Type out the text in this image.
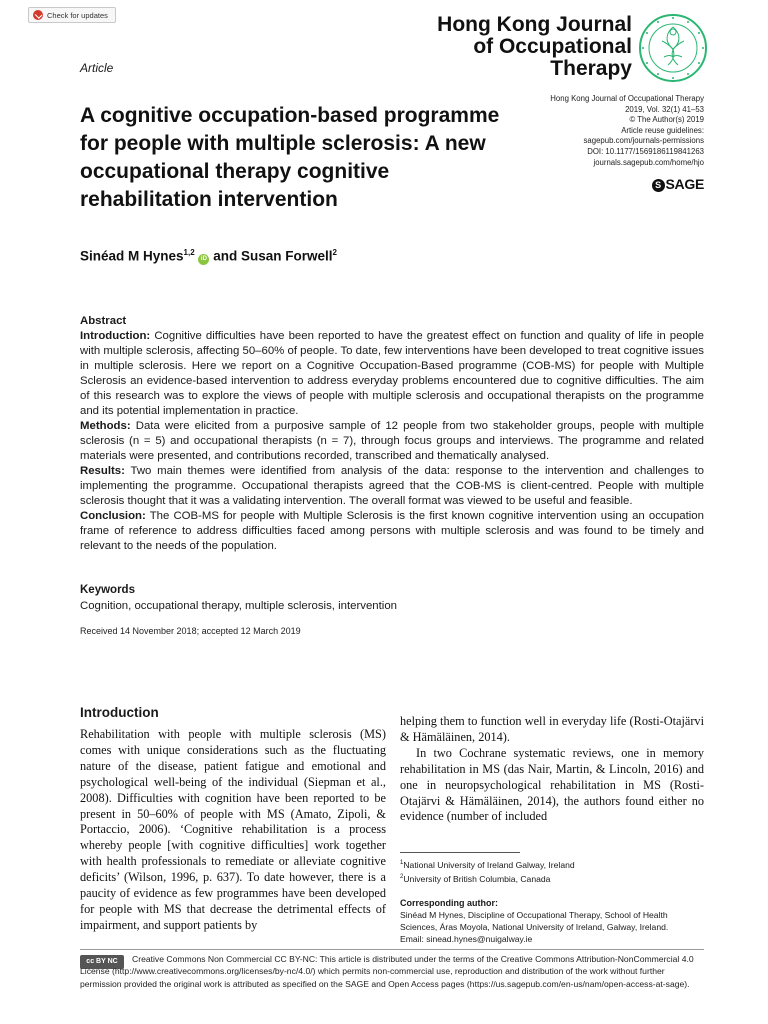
Check for updates
Article
Hong Kong Journal
of Occupational
Therapy
Hong Kong Journal of Occupational Therapy
2019, Vol. 32(1) 41–53
© The Author(s) 2019
Article reuse guidelines:
sagepub.com/journals-permissions
DOI: 10.1177/1569186119841263
journals.sagepub.com/home/hjo
S SAGE
A cognitive occupation-based programme for people with multiple sclerosis: A new occupational therapy cognitive rehabilitation intervention
Sinéad M Hynes$^{1,2}$ iD and Susan Forwell$^2$

Abstract

Introduction: Cognitive difficulties have been reported to have the greatest effect on function and quality of life in people with multiple sclerosis, affecting 50–60% of people. To date, few interventions have been developed to treat cognitive issues in multiple sclerosis. Here we report on a Cognitive Occupation-Based programme (COB-MS) for people with Multiple Sclerosis an evidence-based intervention to address everyday problems encountered due to cognitive difficulties. The aim of this research was to explore the views of people with multiple sclerosis and occupational therapists on the programme and its potential implementation in practice.

Methods: Data were elicited from a purposive sample of 12 people from two stakeholder groups, people with multiple sclerosis (n = 5) and occupational therapists (n = 7), through focus groups and interviews. The programme and related materials were presented, and contributions recorded, transcribed and thematically analysed.

Results: Two main themes were identified from analysis of the data: response to the intervention and challenges to implementing the programme. Occupational therapists agreed that the COB-MS is client-centred. People with multiple sclerosis thought that it was a validating intervention. The overall format was viewed to be useful and feasible.

Conclusion: The COB-MS for people with Multiple Sclerosis is the first known cognitive intervention using an occupation frame of reference to address difficulties faced among persons with multiple sclerosis and was found to be timely and relevant to the needs of the population.

Keywords
Cognition, occupational therapy, multiple sclerosis, intervention
Received 14 November 2018; accepted 12 March 2019
Introduction

Rehabilitation with people with multiple sclerosis (MS) comes with unique considerations such as the fluctuating nature of the disease, patient fatigue and emotional and psychological well-being of the individual (Siepman et al., 2008). Difficulties with cognition have been reported to be present in 50–60% of people with MS (Amato, Zipoli, & Portaccio, 2006). ‘Cognitive rehabilitation is a process whereby people [with cognitive difficulties] work together with health professionals to remediate or alleviate cognitive deficits’ (Wilson, 1996, p. 637). To date however, there is a paucity of evidence as few programmes have been developed for people with MS that decrease the detrimental effects of impairment, and support patients by

helping them to function well in everyday life (Rosti-Otajärvi & Hämäläinen, 2014).

In two Cochrane systematic reviews, one in memory rehabilitation in MS (das Nair, Martin, & Lincoln, 2016) and one in neuropsychological rehabilitation in MS (Rosti-Otajärvi & Hämäläinen, 2014), the authors found either no evidence (number of included

$^1$National University of Ireland Galway, Ireland

$^2$University of British Columbia, Canada

Corresponding author:

Sinéad M Hynes, Discipline of Occupational Therapy, School of Health Sciences, Áras Moyola, National University of Ireland, Galway, Ireland.

Email: sinead.hynes@nuigalway.ie

cc BY NC	Creative Commons Non Commercial CC BY-NC: This article is distributed under the terms of the Creative Commons Attribution-NonCommercial 4.0 License (http://www.creativecommons.org/licenses/by-nc/4.0/) which permits non-commercial use, reproduction and distribution of the work without further permission provided the original work is attributed as specified on the SAGE and Open Access pages (https://us.sagepub.com/en-us/nam/open-access-at-sage).
